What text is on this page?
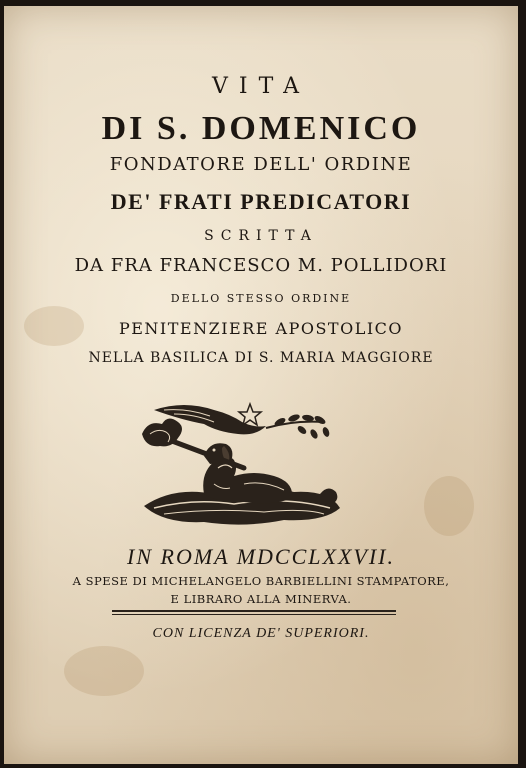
VITA
DI S. DOMENICO
FONDATORE DELL' ORDINE
DE' FRATI PREDICATORI
SCRITTA
DA FRA FRANCESCO M. POLLIDORI
DELLO STESSO ORDINE
PENITENZIERE APOSTOLICO
NELLA BASILICA DI S. MARIA MAGGIORE
IN ROMA MDCCLXXVII.
A SPESE DI MICHELANGELO BARBIELLINI STAMPATORE,
E LIBRARO ALLA MINERVA.
CON LICENZA DE' SUPERIORI.
